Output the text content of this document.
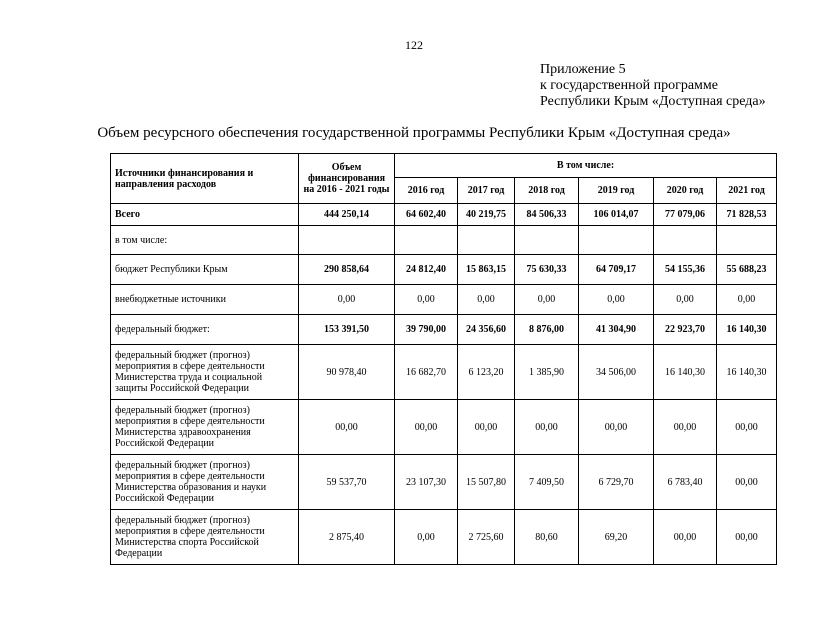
122
Приложение 5
к государственной программе
Республики Крым «Доступная среда»
Объем ресурсного обеспечения государственной программы Республики Крым «Доступная среда»
Источники финансирования и направления расходов	Объем финансирования на 2016 - 2021 годы	В том числе:					
		2016 год	2017 год	2018 год	2019 год	2020 год	2021 год
Всего	444 250,14	64 602,40	40 219,75	84 506,33	106 014,07	77 079,06	71 828,53
в том числе:							
бюджет Республики Крым	290 858,64	24 812,40	15 863,15	75 630,33	64 709,17	54 155,36	55 688,23
внебюджетные источники	0,00	0,00	0,00	0,00	0,00	0,00	0,00
федеральный бюджет:	153 391,50	39 790,00	24 356,60	8 876,00	41 304,90	22 923,70	16 140,30
федеральный бюджет (прогноз) мероприятия в сфере деятельности Министерства труда и социальной защиты Российской Федерации	90 978,40	16 682,70	6 123,20	1 385,90	34 506,00	16 140,30	16 140,30
федеральный бюджет (прогноз) мероприятия в сфере деятельности Министерства здравоохранения Российской Федерации	00,00	00,00	00,00	00,00	00,00	00,00	00,00
федеральный бюджет (прогноз) мероприятия в сфере деятельности Министерства образования и науки Российской Федерации	59 537,70	23 107,30	15 507,80	7 409,50	6 729,70	6 783,40	00,00
федеральный бюджет (прогноз) мероприятия в сфере деятельности Министерства спорта Российской Федерации	2 875,40	0,00	2 725,60	80,60	69,20	00,00	00,00
